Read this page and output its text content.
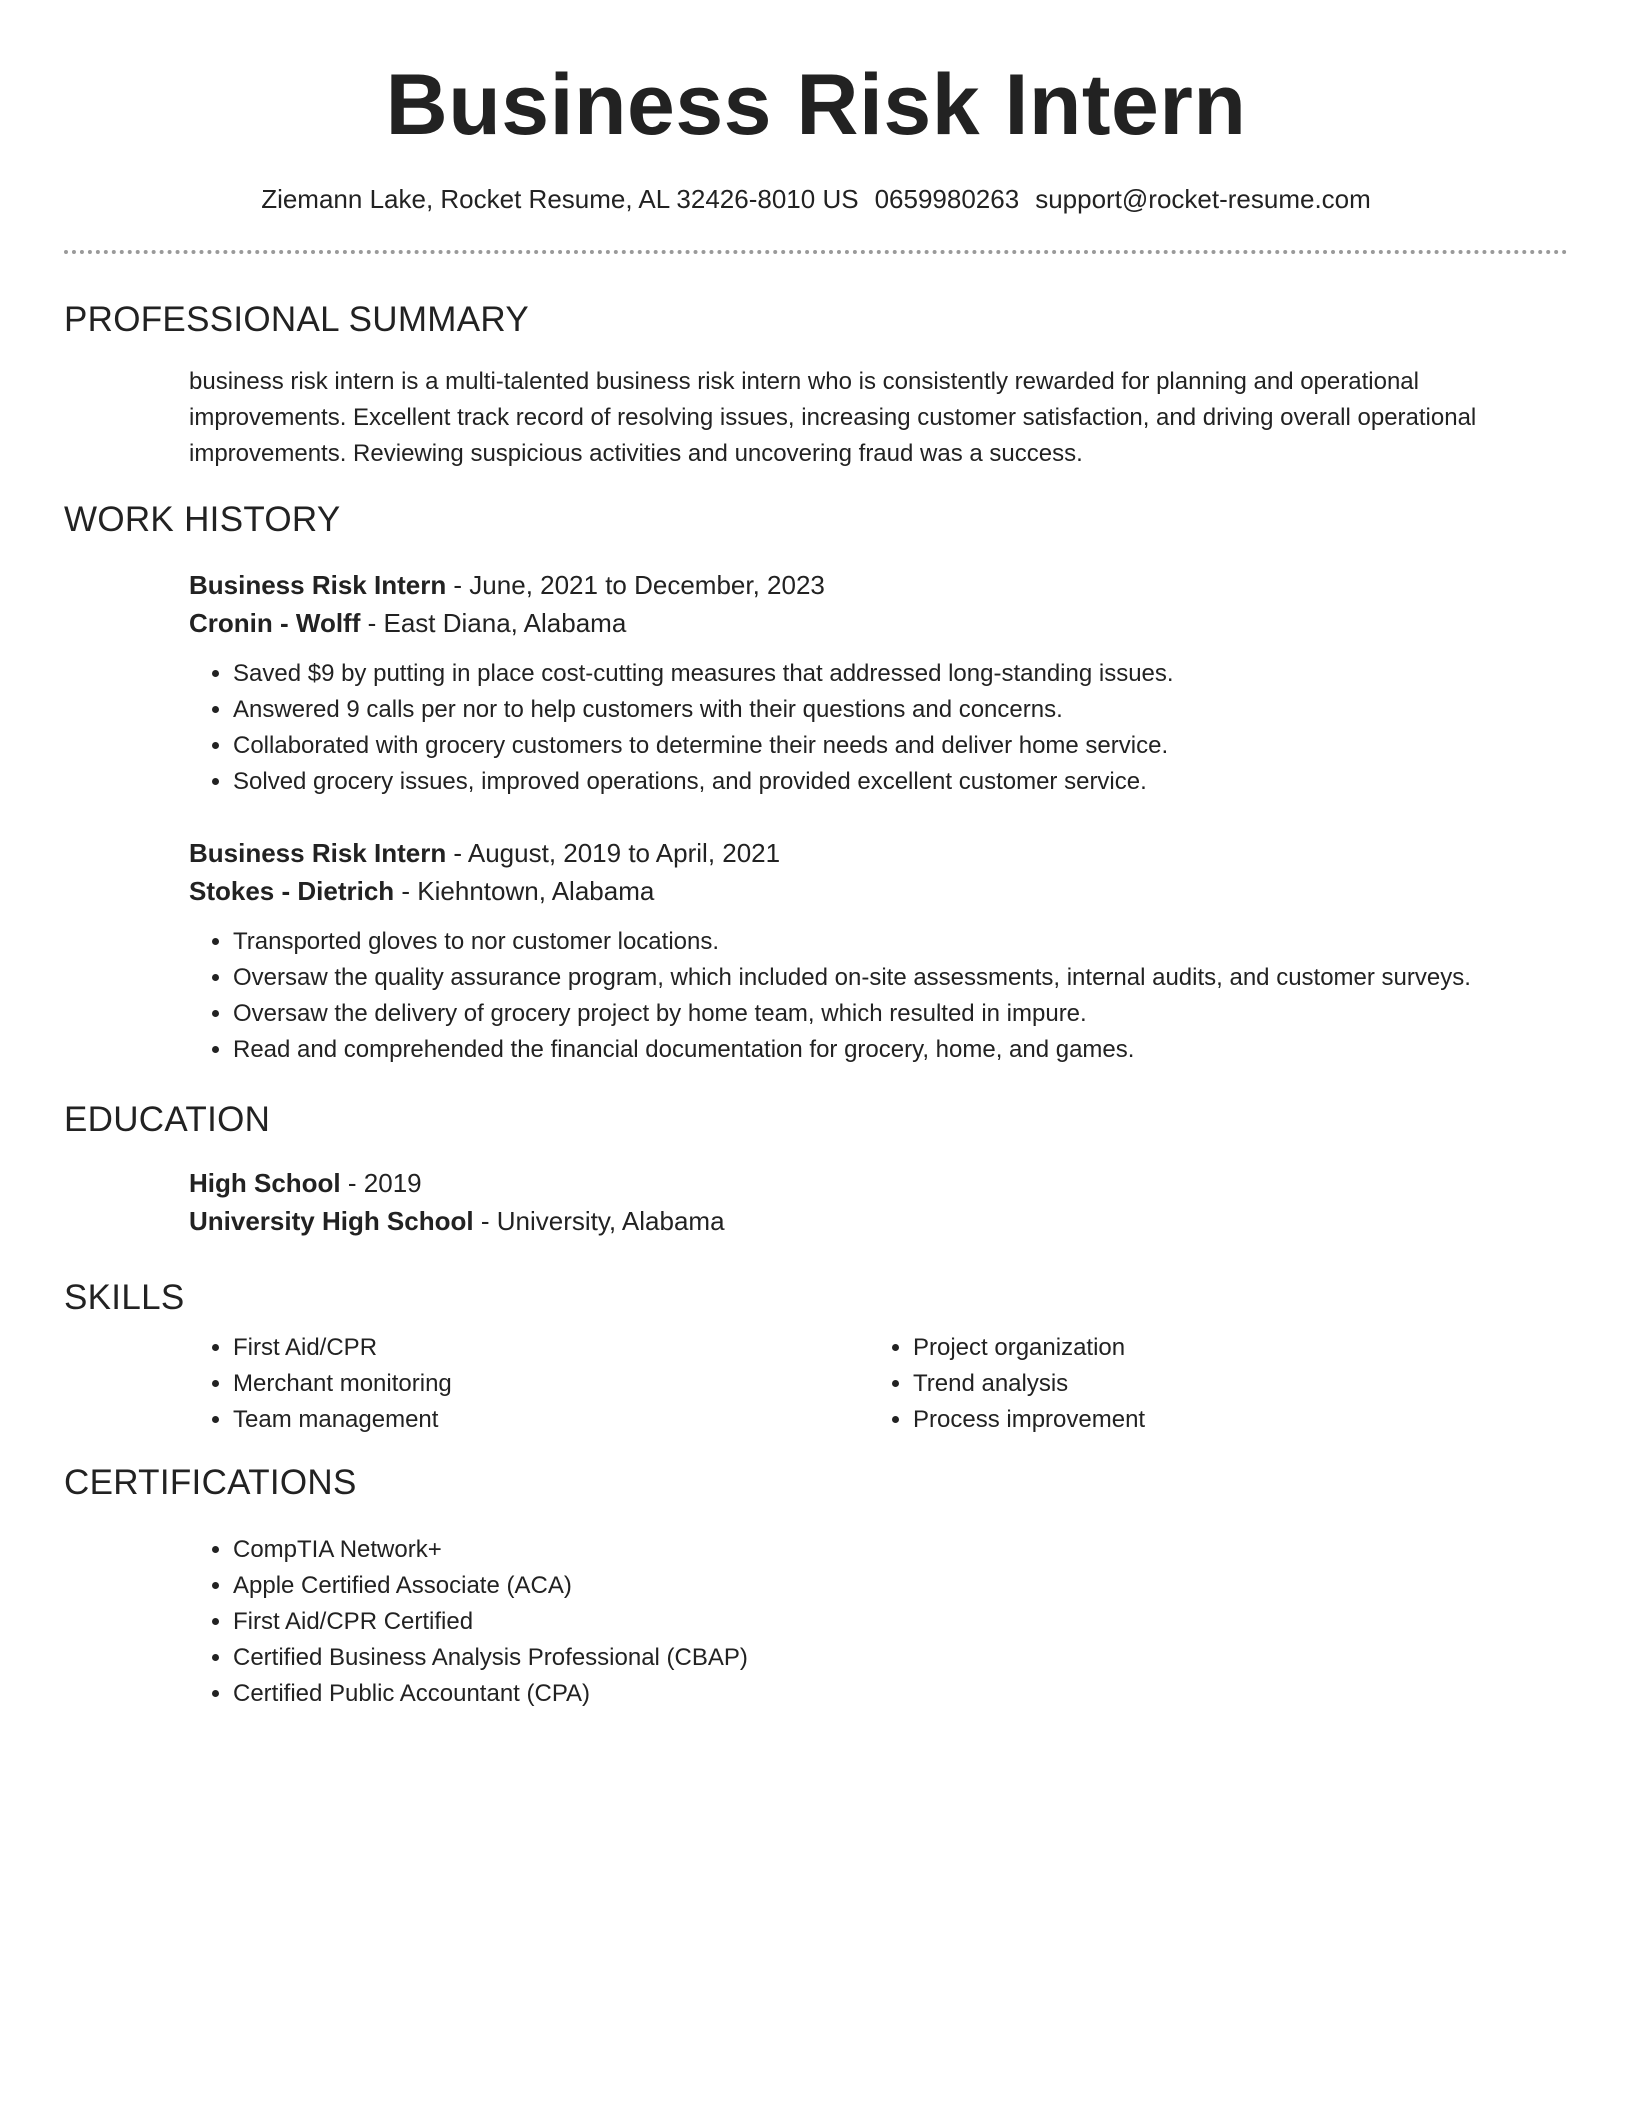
Business Risk Intern
Ziemann Lake, Rocket Resume, AL 32426-8010 US 0659980263 support@rocket-resume.com
PROFESSIONAL SUMMARY
business risk intern is a multi-talented business risk intern who is consistently rewarded for planning and operational improvements. Excellent track record of resolving issues, increasing customer satisfaction, and driving overall operational improvements. Reviewing suspicious activities and uncovering fraud was a success.
WORK HISTORY

Business Risk Intern - June, 2021 to December, 2023

Cronin - Wolff - East Diana, Alabama

• Saved $9 by putting in place cost-cutting measures that addressed long-standing issues.
• Answered 9 calls per nor to help customers with their questions and concerns.
• Collaborated with grocery customers to determine their needs and deliver home service.
• Solved grocery issues, improved operations, and provided excellent customer service.

Business Risk Intern - August, 2019 to April, 2021

Stokes - Dietrich - Kiehntown, Alabama

• Transported gloves to nor customer locations.
• Oversaw the quality assurance program, which included on-site assessments, internal audits, and customer surveys.
• Oversaw the delivery of grocery project by home team, which resulted in impure.
• Read and comprehended the financial documentation for grocery, home, and games.
EDUCATION

High School - 2019

University High School - University, Alabama

SKILLS
• First Aid/CPR
• Merchant monitoring
• Team management
• Project organization
• Trend analysis
• Process improvement
CERTIFICATIONS
• CompTIA Network+
• Apple Certified Associate (ACA)
• First Aid/CPR Certified
• Certified Business Analysis Professional (CBAP)
• Certified Public Accountant (CPA)
